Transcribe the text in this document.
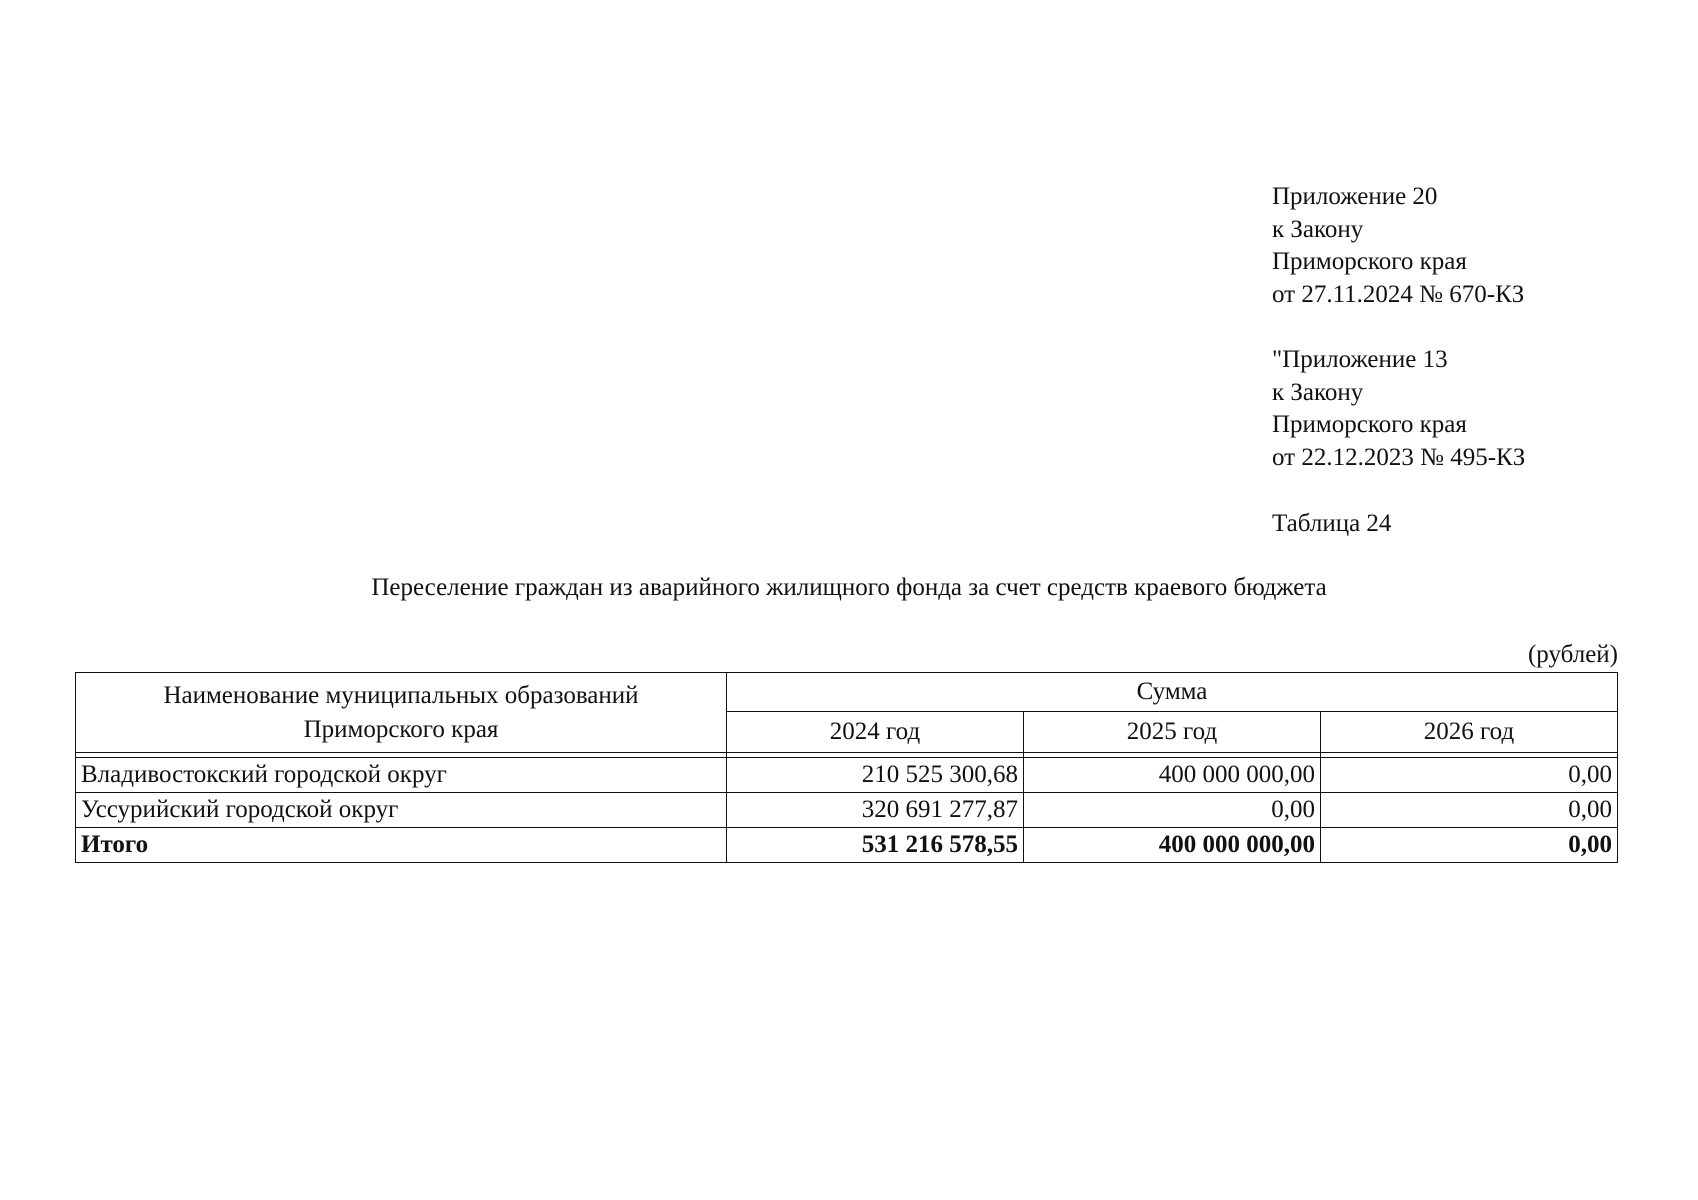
Приложение 20
к Закону
Приморского края
от 27.11.2024 № 670-КЗ
"Приложение 13
к Закону
Приморского края
от 22.12.2023 № 495-КЗ
Таблица 24
Переселение граждан из аварийного жилищного фонда за счет средств краевого бюджета
(рублей)
Наименование муниципальных образований
Приморского края	Сумма		
	2024 год	2025 год	2026 год

Владивостокский городской округ	210 525 300,68	400 000 000,00	0,00
Уссурийский городской округ	320 691 277,87	0,00	0,00
Итого	531 216 578,55	400 000 000,00	0,00
